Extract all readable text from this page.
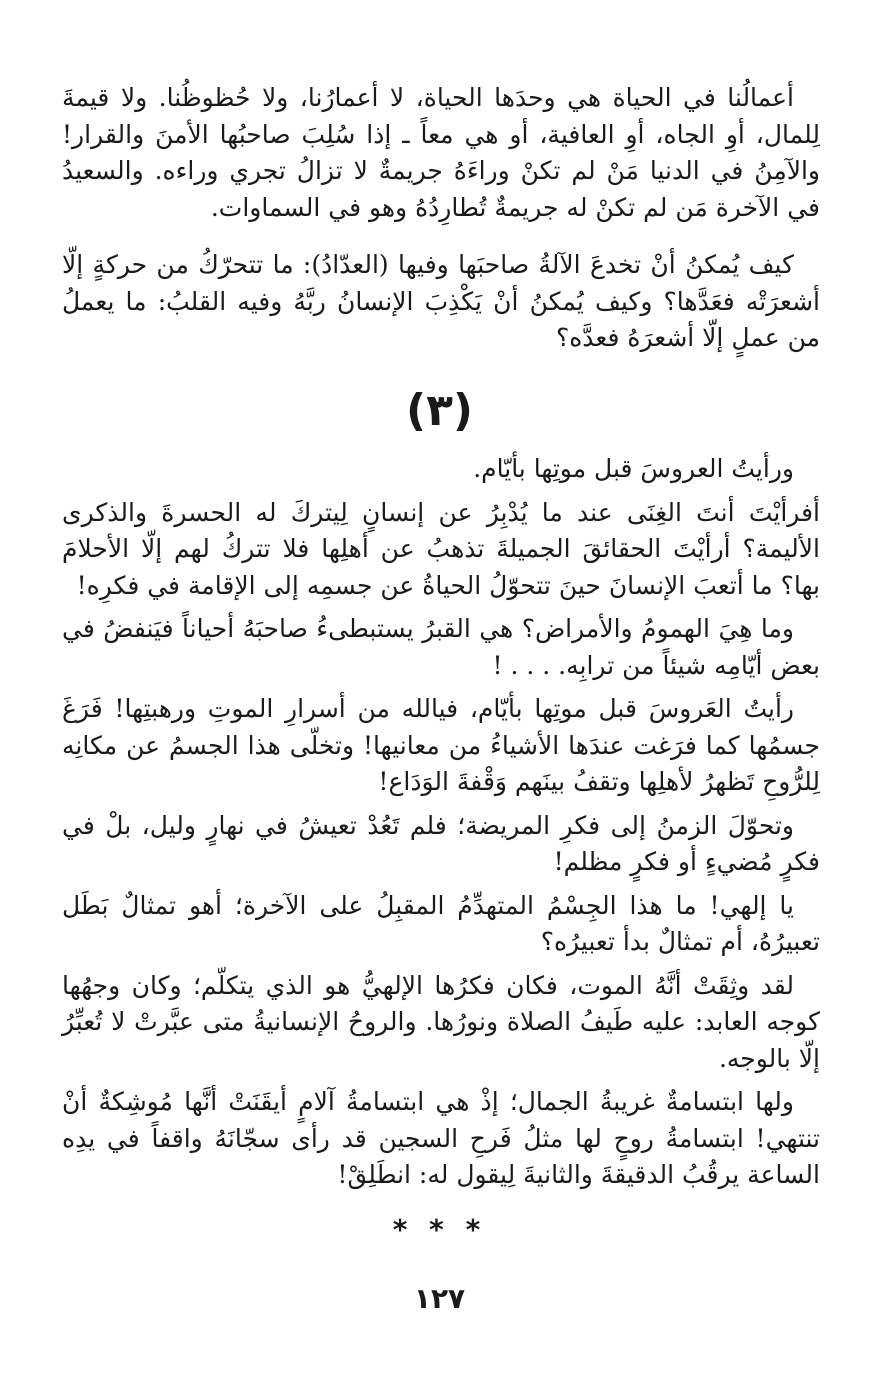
أعمالُنا في الحياة هي وحدَها الحياة، لا أعمارُنا، ولا حُظوظُنا. ولا قيمةَ لِلمال، أوِ الجاه، أوِ العافية، أو هي معاً ـ إذا سُلِبَ صاحبُها الأمنَ والقرار! والآمِنُ في الدنيا مَنْ لم تكنْ وراءَهُ جريمةٌ لا تزالُ تجري وراءه. والسعيدُ في الآخرة مَن لم تكنْ له جريمةٌ تُطارِدُهُ وهو في السماوات.

كيف يُمكنُ أنْ تخدعَ الآلةُ صاحبَها وفيها (العدّادُ): ما تتحرّكُ من حركةٍ إلّا أشعرَتْه فعَدَّها؟ وكيف يُمكنُ أنْ يَكْذِبَ الإنسانُ ربَّهُ وفيه القلبُ: ما يعملُ من عملٍ إلّا أشعرَهُ فعدَّه؟

(٣)

ورأيتُ العروسَ قبل موتِها بأيّام.

أفرأيْتَ أنتَ الغِنَى عند ما يُدْبِرُ عن إنسانٍ لِيتركَ له الحسرةَ والذكرى الأليمة؟ أرأيْتَ الحقائقَ الجميلةَ تذهبُ عن أهلِها فلا تتركُ لهم إلّا الأحلامَ بها؟ ما أتعبَ الإنسانَ حينَ تتحوّلُ الحياةُ عن جسمِه إلى الإقامة في فكرِه!

وما هِيَ الهمومُ والأمراض؟ هي القبرُ يستبطىءُ صاحبَهُ أحياناً فيَنفضُ في بعض أيّامِه شيئاً من ترابِه. . . . !

رأيتُ العَروسَ قبل موتِها بأيّام، فيالله من أسرارِ الموتِ ورهبتِها! فَرَغَ جسمُها كما فرَغت عندَها الأشياءُ من معانيها! وتخلّى هذا الجسمُ عن مكانِه لِلرُّوحِ تَظهرُ لأهلِها وتقفُ بينَهم وَقْفةَ الوَدَاع!

وتحوّلَ الزمنُ إلى فكرِ المريضة؛ فلم تَعُدْ تعيشُ في نهارٍ وليل، بلْ في فكرٍ مُضيءٍ أو فكرٍ مظلم!

يا إلهي! ما هذا الجِسْمُ المتهدِّمُ المقبِلُ على الآخرة؛ أهو تمثالٌ بَطَل تعبيرُهُ، أم تمثالٌ بدأ تعبيرُه؟

لقد وثِقَتْ أنَّهُ الموت، فكان فكرُها الإلهيُّ هو الذي يتكلّم؛ وكان وجهُها كوجه العابد: عليه طَيفُ الصلاة ونورُها. والروحُ الإنسانيةُ متى عبَّرتْ لا تُعبِّرُ إلّا بالوجه.

ولها ابتسامةٌ غريبةُ الجمال؛ إذْ هي ابتسامةُ آلامٍ أيقَنَتْ أنَّها مُوشِكةٌ أنْ تنتهي! ابتسامةُ روحٍ لها مثلُ فَرحِ السجين قد رأى سجّانَهُ واقفاً في يدِه الساعة يرقُبُ الدقيقةَ والثانيةَ لِيقول له: انطَلِقْ!

* * *
١٢٧
